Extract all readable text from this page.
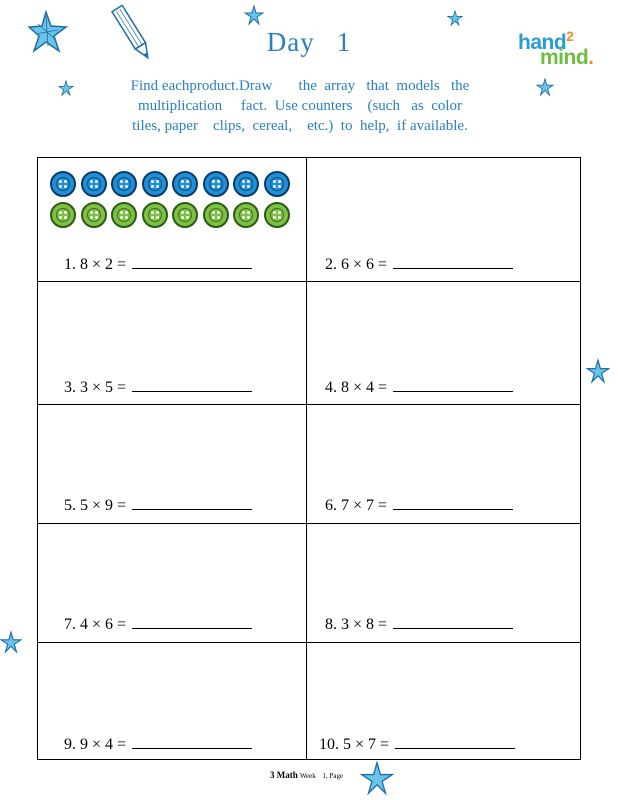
Day 1	hand$^2$
mind.
Find eachproduct.Draw       the  array   that  models   the
multiplication     fact.  Use counters    (such   as  color
tiles, paper    clips,  cereal,    etc.)  to  help,  if available.
1. 8 × 2 =	2. 6 × 6 =
3. 3 × 5 =	4. 8 × 4 =
5. 5 × 9 =	6. 7 × 7 =
7. 4 × 6 =	8. 3 × 8 =
9. 9 × 4 =	10. 5 × 7 =
3 Math Week 1, Page
